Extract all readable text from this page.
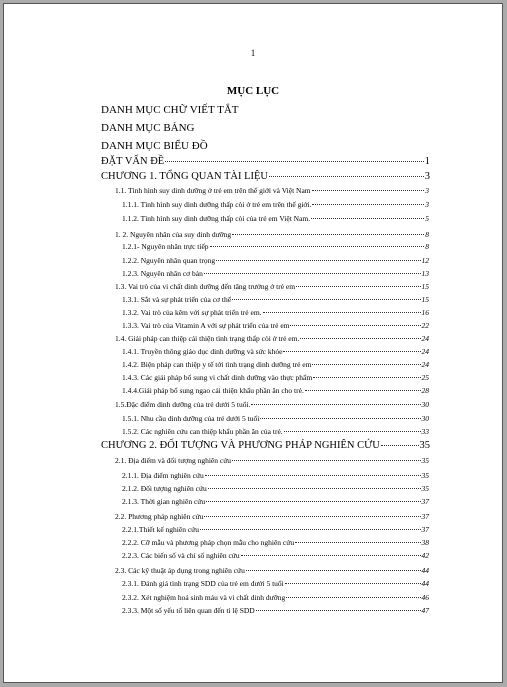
1
MỤC LỤC
DANH MỤC CHỮ VIẾT TẮT
DANH MỤC BẢNG
DANH MỤC BIỂU ĐỒ
ĐẶT VẤN ĐỀ	1
CHƯƠNG 1. TỔNG QUAN TÀI LIỆU	3
1.1. Tình hình suy dinh dưỡng ở trẻ em trên thế giới và Việt Nam	3
1.1.1. Tình hình suy dinh dưỡng thấp còi ở trẻ em trên thế giới.	3
1.1.2. Tình hình suy dinh dưỡng thấp còi của trẻ em Việt Nam.	5
1. 2. Nguyên nhân của suy dinh dưỡng	8
1.2.1- Nguyên nhân trực tiếp	8
1.2.2. Nguyên nhân quan trọng	12
1.2.3. Nguyên nhân cơ bản	13
1.3. Vai trò của vi chất dinh dưỡng đến tăng trưởng ở trẻ em	15
1.3.1. Sắt và sự phát triển của cơ thể	15
1.3.2. Vai trò của kẽm với sự phát triển trẻ em.	16
1.3.3. Vai trò của Vitamin A với sự phát triển của trẻ em	22
1.4. Giải pháp can thiệp cải thiện tình trạng thấp còi ở trẻ em.	24
1.4.1. Truyền thông giáo dục dinh dưỡng và sức khỏe	24
1.4.2. Biện pháp can thiệp y tế tới tình trạng dinh dưỡng trẻ em	24
1.4.3. Các giải pháp bổ sung vi chất dinh dưỡng vào thực phẩm	25
1.4.4.Giải pháp bổ sung ngao cải thiện khẩu phần ăn cho trẻ.	28
1.5.Đặc điểm dinh dưỡng của trẻ dưới 5 tuổi.	30
1.5.1. Nhu cầu dinh dưỡng của trẻ dưới 5 tuổi	30
1.5.2. Các nghiên cứu can thiệp khẩu phần ăn của trẻ.	33
CHƯƠNG 2. ĐỐI TƯỢNG VÀ PHƯƠNG PHÁP NGHIÊN CỨU	35
2.1. Địa điểm và đối tượng nghiên cứu	35
2.1.1. Địa điểm nghiên cứu	35
2.1.2. Đối tượng nghiên cứu	35
2.1.3. Thời gian nghiên cứu	37
2.2. Phương pháp nghiên cứu	37
2.2.1.Thiết kế nghiên cứu	37
2.2.2. Cỡ mẫu và phương pháp chọn mẫu cho nghiên cứu	38
2.2.3. Các biến số và chỉ số nghiên cứu	42
2.3. Các kỹ thuật áp dụng trong nghiên cứu	44
2.3.1. Đánh giá tình trạng SDD của trẻ em dưới 5 tuổi	44
2.3.2. Xét nghiệm hoá sinh máu và vi chất dinh dưỡng	46
2.3.3. Một số yếu tố liên quan đến tỉ lệ SDD	47
